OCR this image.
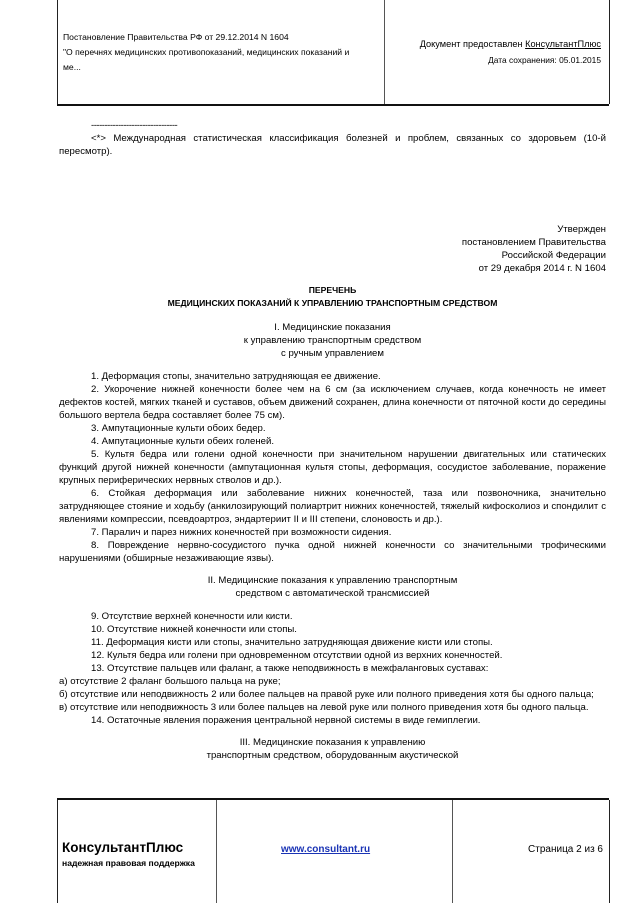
Постановление Правительства РФ от 29.12.2014 N 1604
"О перечнях медицинских противопоказаний, медицинских показаний и
ме...
Документ предоставлен КонсультантПлюс
Дата сохранения: 05.01.2015

--------------------------------

<*> Международная статистическая классификация болезней и проблем, связанных со здоровьем (10-й пересмотр).

Утвержден

постановлением Правительства

Российской Федерации

от 29 декабря 2014 г. N 1604

ПЕРЕЧЕНЬ

МЕДИЦИНСКИХ ПОКАЗАНИЙ К УПРАВЛЕНИЮ ТРАНСПОРТНЫМ СРЕДСТВОМ

I. Медицинские показания

к управлению транспортным средством

с ручным управлением

1. Деформация стопы, значительно затрудняющая ее движение.

2. Укорочение нижней конечности более чем на 6 см (за исключением случаев, когда конечность не имеет дефектов костей, мягких тканей и суставов, объем движений сохранен, длина конечности от пяточной кости до середины большого вертела бедра составляет более 75 см).

3. Ампутационные культи обоих бедер.

4. Ампутационные культи обеих голеней.

5. Культя бедра или голени одной конечности при значительном нарушении двигательных или статических функций другой нижней конечности (ампутационная культя стопы, деформация, сосудистое заболевание, поражение крупных периферических нервных стволов и др.).

6. Стойкая деформация или заболевание нижних конечностей, таза или позвоночника, значительно затрудняющее стояние и ходьбу (анкилозирующий полиартрит нижних конечностей, тяжелый кифосколиоз и спондилит с явлениями компрессии, псевдоартроз, эндартериит II и III степени, слоновость и др.).

7. Паралич и парез нижних конечностей при возможности сидения.

8. Повреждение нервно-сосудистого пучка одной нижней конечности со значительными трофическими нарушениями (обширные незаживающие язвы).

II. Медицинские показания к управлению транспортным

средством с автоматической трансмиссией

9. Отсутствие верхней конечности или кисти.

10. Отсутствие нижней конечности или стопы.

11. Деформация кисти или стопы, значительно затрудняющая движение кисти или стопы.

12. Культя бедра или голени при одновременном отсутствии одной из верхних конечностей.

13. Отсутствие пальцев или фаланг, а также неподвижность в межфаланговых суставах:

а) отсутствие 2 фаланг большого пальца на руке;

б) отсутствие или неподвижность 2 или более пальцев на правой руке или полного приведения хотя бы одного пальца;

в) отсутствие или неподвижность 3 или более пальцев на левой руке или полного приведения хотя бы одного пальца.

14. Остаточные явления поражения центральной нервной системы в виде гемиплегии.

III. Медицинские показания к управлению

транспортным средством, оборудованным акустической

КонсультантПлюс
надежная правовая поддержка
www.consultant.ru	Страница 2 из 6
